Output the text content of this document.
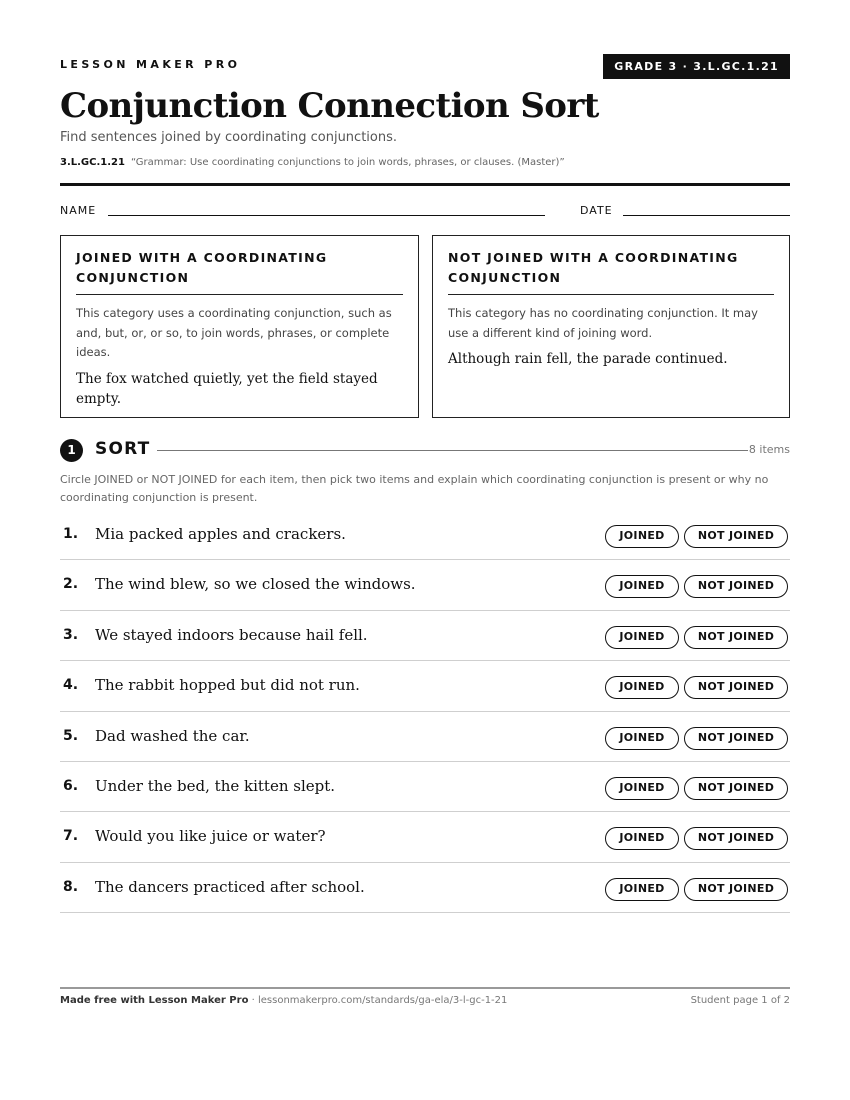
LESSON MAKER PRO	GRADE 3 · 3.L.GC.1.21
Conjunction Connection Sort
Find sentences joined by coordinating conjunctions.
3.L.GC.1.21 “Grammar: Use coordinating conjunctions to join words, phrases, or clauses. (Master)”
NAME	DATE
JOINED WITH A COORDINATING CONJUNCTION
This category uses a coordinating conjunction, such as and, but, or, or so, to join words, phrases, or complete ideas.
The fox watched quietly, yet the field stayed empty.
NOT JOINED WITH A COORDINATING CONJUNCTION
This category has no coordinating conjunction. It may use a different kind of joining word.
Although rain fell, the parade continued.
1	SORT	8 items
Circle JOINED or NOT JOINED for each item, then pick two items and explain which coordinating conjunction is present or why no coordinating conjunction is present.
1. Mia packed apples and crackers.	JOINED	NOT JOINED
2. The wind blew, so we closed the windows.	JOINED	NOT JOINED
3. We stayed indoors because hail fell.	JOINED	NOT JOINED
4. The rabbit hopped but did not run.	JOINED	NOT JOINED
5. Dad washed the car.	JOINED	NOT JOINED
6. Under the bed, the kitten slept.	JOINED	NOT JOINED
7. Would you like juice or water?	JOINED	NOT JOINED
8. The dancers practiced after school.	JOINED	NOT JOINED
Made free with Lesson Maker Pro · lessonmakerpro.com/standards/ga-ela/3-l-gc-1-21	Student page 1 of 2
